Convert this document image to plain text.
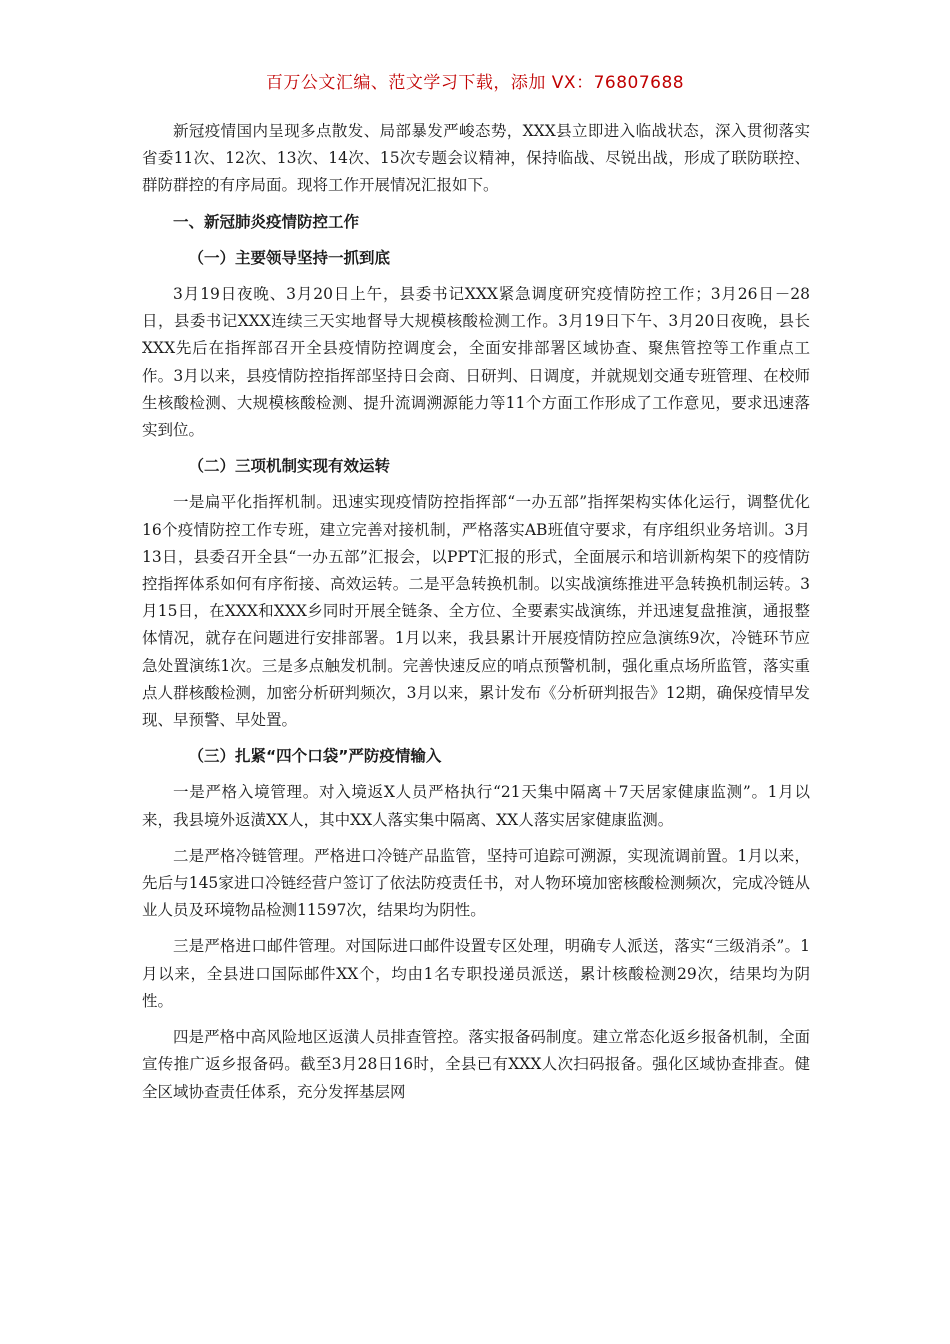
百万公文汇编、范文学习下载，添加 VX：76807688

新冠疫情国内呈现多点散发、局部暴发严峻态势，XXX县立即进入临战状态，深入贯彻落实省委11次、12次、13次、14次、15次专题会议精神，保持临战、尽锐出战，形成了联防联控、群防群控的有序局面。现将工作开展情况汇报如下。

一、新冠肺炎疫情防控工作
（一）主要领导坚持一抓到底

3月19日夜晚、3月20日上午，县委书记XXX紧急调度研究疫情防控工作；3月26日－28日，县委书记XXX连续三天实地督导大规模核酸检测工作。3月19日下午、3月20日夜晚，县长XXX先后在指挥部召开全县疫情防控调度会，全面安排部署区域协查、聚焦管控等工作重点工作。3月以来，县疫情防控指挥部坚持日会商、日研判、日调度，并就规划交通专班管理、在校师生核酸检测、大规模核酸检测、提升流调溯源能力等11个方面工作形成了工作意见，要求迅速落实到位。

（二）三项机制实现有效运转

一是扁平化指挥机制。迅速实现疫情防控指挥部“一办五部”指挥架构实体化运行，调整优化16个疫情防控工作专班，建立完善对接机制，严格落实AB班值守要求，有序组织业务培训。3月13日，县委召开全县“一办五部”汇报会，以PPT汇报的形式，全面展示和培训新构架下的疫情防控指挥体系如何有序衔接、高效运转。二是平急转换机制。以实战演练推进平急转换机制运转。3月15日，在XXX和XXX乡同时开展全链条、全方位、全要素实战演练，并迅速复盘推演，通报整体情况，就存在问题进行安排部署。1月以来，我县累计开展疫情防控应急演练9次，冷链环节应急处置演练1次。三是多点触发机制。完善快速反应的哨点预警机制，强化重点场所监管，落实重点人群核酸检测，加密分析研判频次，3月以来，累计发布《分析研判报告》12期，确保疫情早发现、早预警、早处置。

（三）扎紧“四个口袋”严防疫情输入

一是严格入境管理。对入境返X人员严格执行“21天集中隔离＋7天居家健康监测”。1月以来，我县境外返潢XX人，其中XX人落实集中隔离、XX人落实居家健康监测。

二是严格冷链管理。严格进口冷链产品监管，坚持可追踪可溯源，实现流调前置。1月以来，先后与145家进口冷链经营户签订了依法防疫责任书，对人物环境加密核酸检测频次，完成冷链从业人员及环境物品检测11597次，结果均为阴性。

三是严格进口邮件管理。对国际进口邮件设置专区处理，明确专人派送，落实“三级消杀”。1月以来，全县进口国际邮件XX个，均由1名专职投递员派送，累计核酸检测29次，结果均为阴性。

四是严格中高风险地区返潢人员排查管控。落实报备码制度。建立常态化返乡报备机制，全面宣传推广返乡报备码。截至3月28日16时，全县已有XXX人次扫码报备。强化区域协查排查。健全区域协查责任体系，充分发挥基层网
